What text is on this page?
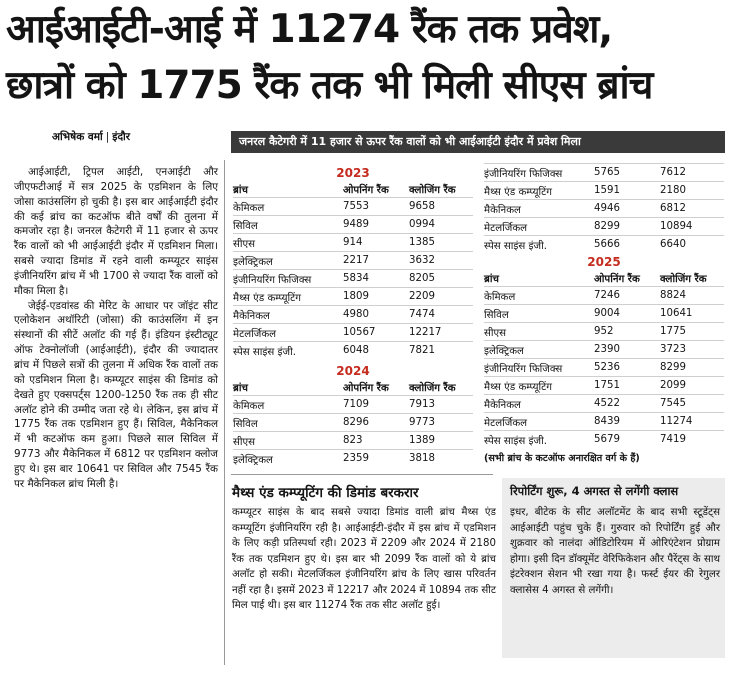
आईआईटी-आई में 11274 रैंक तक प्रवेश,
छात्रों को 1775 रैंक तक भी मिली सीएस ब्रांच
अभिषेक वर्मा | इंदौर	जनरल कैटेगरी में 11 हजार से ऊपर रैंक वालों को भी आईआईटी इंदौर में प्रवेश मिला

आईआईटी, ट्रिपल आईटी, एनआईटी और जीएफटीआई में सत्र 2025 के एडमिशन के लिए जोसा काउंसलिंग हो चुकी है। इस बार आईआईटी इंदौर की कई ब्रांच का कटऑफ बीते वर्षों की तुलना में कमजोर रहा है। जनरल कैटेगरी में 11 हजार से ऊपर रैंक वालों को भी आईआईटी इंदौर में एडमिशन मिला। सबसे ज्यादा डिमांड में रहने वाली कम्प्यूटर साइंस इंजीनियरिंग ब्रांच में भी 1700 से ज्यादा रैंक वालों को मौका मिला है।

जेईई-एडवांस्ड की मेरिट के आधार पर जॉइंट सीट एलोकेशन अथॉरिटी (जोसा) की काउंसलिंग में इन संस्थानों की सीटें अलॉट की गई हैं। इंडियन इंस्टीट्यूट ऑफ टेक्नोलॉजी (आईआईटी), इंदौर की ज्यादातर ब्रांच में पिछले सत्रों की तुलना में अधिक रैंक वालों तक को एडमिशन मिला है। कम्प्यूटर साइंस की डिमांड को देखते हुए एक्सपर्ट्स 1200-1250 रैंक तक ही सीट अलॉट होने की उम्मीद जता रहे थे। लेकिन, इस ब्रांच में 1775 रैंक तक एडमिशन हुए हैं। सिविल, मैकेनिकल में भी कटऑफ कम हुआ। पिछले साल सिविल में 9773 और मैकेनिकल में 6812 पर एडमिशन क्लोज हुए थे। इस बार 10641 पर सिविल और 7545 रैंक पर मैकेनिकल ब्रांच मिली है।

2023
ब्रांच	ओपनिंग रैंक	क्लोजिंग रैंक
केमिकल	7553	9658
सिविल	9489	0994
सीएस	914	1385
इलेक्ट्रिकल	2217	3632
इंजीनियरिंग फिजिक्स	5834	8205
मैथ्स एंड कम्प्यूटिंग	1809	2209
मैकेनिकल	4980	7474
मेटलर्जिकल	10567	12217
स्पेस साइंस इंजी.	6048	7821
2024
ब्रांच	ओपनिंग रैंक	क्लोजिंग रैंक
केमिकल	7109	7913
सिविल	8296	9773
सीएस	823	1389
इलेक्ट्रिकल	2359	3818
इंजीनियरिंग फिजिक्स	5765	7612
मैथ्स एंड कम्प्यूटिंग	1591	2180
मैकेनिकल	4946	6812
मेटलर्जिकल	8299	10894
स्पेस साइंस इंजी.	5666	6640
2025
ब्रांच	ओपनिंग रैंक	क्लोजिंग रैंक
केमिकल	7246	8824
सिविल	9004	10641
सीएस	952	1775
इलेक्ट्रिकल	2390	3723
इंजीनियरिंग फिजिक्स	5236	8299
मैथ्स एंड कम्प्यूटिंग	1751	2099
मैकेनिकल	4522	7545
मेटलर्जिकल	8439	11274
स्पेस साइंस इंजी.	5679	7419
(सभी ब्रांच के कटऑफ अनारक्षित वर्ग के हैं)
मैथ्स एंड कम्प्यूटिंग की डिमांड बरकरार
कम्प्यूटर साइंस के बाद सबसे ज्यादा डिमांड वाली ब्रांच मैथ्स एंड कम्प्यूटिंग इंजीनियरिंग रही है। आईआईटी-इंदौर में इस ब्रांच में एडमिशन के लिए कड़ी प्रतिस्पर्धा रही। 2023 में 2209 और 2024 में 2180 रैंक तक एडमिशन हुए थे। इस बार भी 2099 रैंक वालों को ये ब्रांच अलॉट हो सकी। मेटलर्जिकल इंजीनियरिंग ब्रांच के लिए खास परिवर्तन नहीं रहा है। इसमें 2023 में 12217 और 2024 में 10894 तक सीट मिल पाई थी। इस बार 11274 रैंक तक सीट अलॉट हुई।
रिपोर्टिंग शुरू, 4 अगस्त से लगेंगी क्लास
इधर, बीटेक के सीट अलॉटमेंट के बाद सभी स्टूडेंट्स आईआईटी पहुंच चुके हैं। गुरुवार को रिपोर्टिंग हुई और शुक्रवार को नालंदा ऑडिटोरियम में ओरिएंटेशन प्रोग्राम होगा। इसी दिन डॉक्यूमेंट वेरिफिकेशन और पैरेंट्स के साथ इंटरेक्शन सेशन भी रखा गया है। फर्स्ट ईयर की रेगुलर क्लासेस 4 अगस्त से लगेंगी।
